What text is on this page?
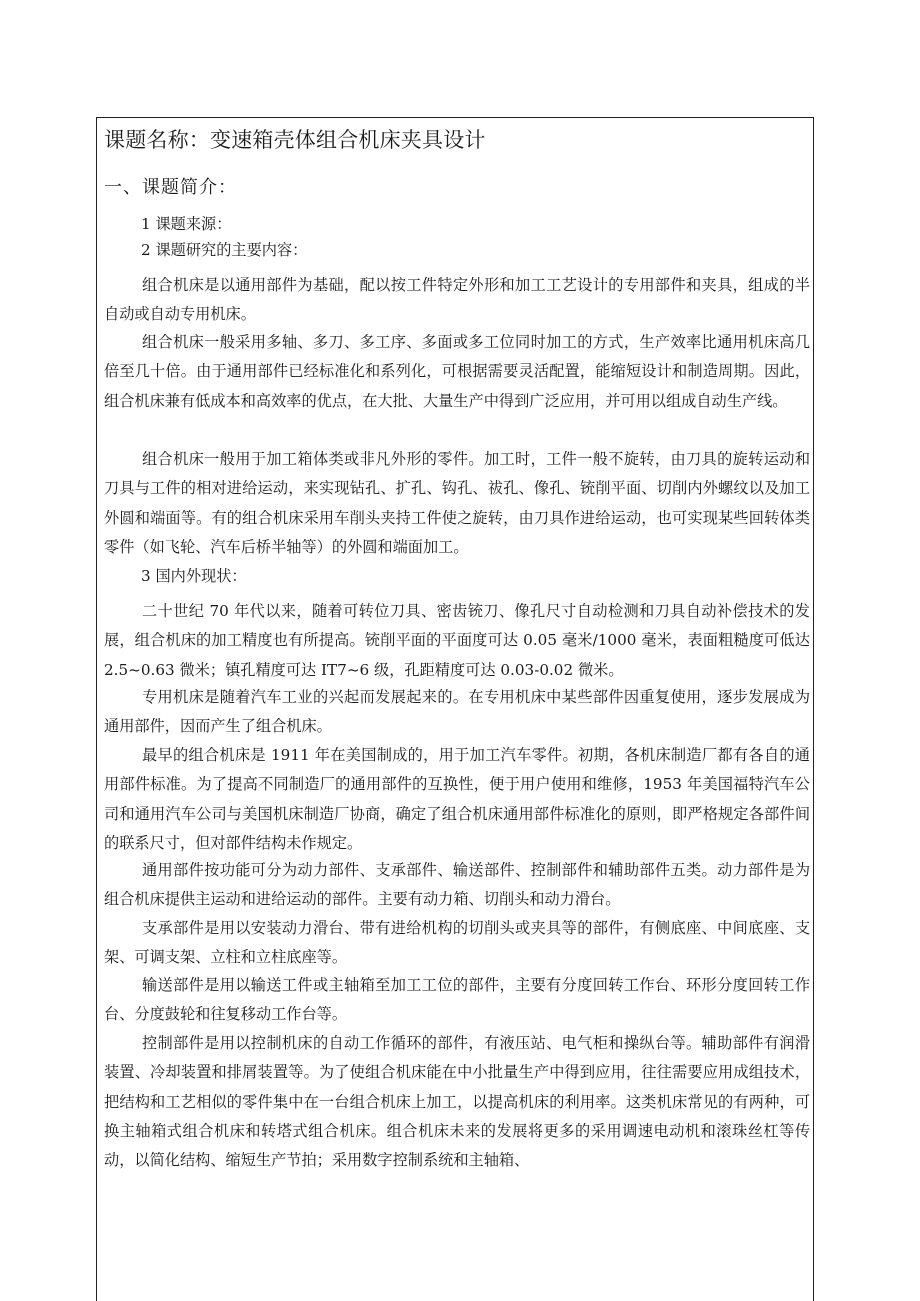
课题名称：变速箱壳体组合机床夹具设计
一、课题简介：
1 课题来源：
2 课题研究的主要内容：

组合机床是以通用部件为基础，配以按工件特定外形和加工工艺设计的专用部件和夹具，组成的半自动或自动专用机床。

组合机床一般采用多轴、多刀、多工序、多面或多工位同时加工的方式，生产效率比通用机床高几倍至几十倍。由于通用部件已经标准化和系列化，可根据需要灵活配置，能缩短设计和制造周期。因此，组合机床兼有低成本和高效率的优点，在大批、大量生产中得到广泛应用，并可用以组成自动生产线。

组合机床一般用于加工箱体类或非凡外形的零件。加工时，工件一般不旋转，由刀具的旋转运动和刀具与工件的相对进给运动，来实现钻孔、扩孔、钩孔、祓孔、像孔、铳削平面、切削内外螺纹以及加工外圆和端面等。有的组合机床采用车削头夹持工件使之旋转，由刀具作进给运动，也可实现某些回转体类零件（如飞轮、汽车后桥半轴等）的外圆和端面加工。

3 国内外现状：

二十世纪 70 年代以来，随着可转位刀具、密齿铳刀、像孔尺寸自动检测和刀具自动补偿技术的发展，组合机床的加工精度也有所提高。铳削平面的平面度可达 0.05 毫米/1000 毫米，表面粗糙度可低达 2.5~0.63 微米；镇孔精度可达 IT7~6 级，孔距精度可达 0.03-0.02 微米。

专用机床是随着汽车工业的兴起而发展起来的。在专用机床中某些部件因重复使用，逐步发展成为通用部件，因而产生了组合机床。

最早的组合机床是 1911 年在美国制成的，用于加工汽车零件。初期，各机床制造厂都有各自的通用部件标准。为了提高不同制造厂的通用部件的互换性，便于用户使用和维修，1953 年美国福特汽车公司和通用汽车公司与美国机床制造厂协商，确定了组合机床通用部件标准化的原则，即严格规定各部件间的联系尺寸，但对部件结构未作规定。

通用部件按功能可分为动力部件、支承部件、输送部件、控制部件和辅助部件五类。动力部件是为组合机床提供主运动和进给运动的部件。主要有动力箱、切削头和动力滑台。

支承部件是用以安装动力滑台、带有进给机构的切削头或夹具等的部件，有侧底座、中间底座、支架、可调支架、立柱和立柱底座等。

输送部件是用以输送工件或主轴箱至加工工位的部件，主要有分度回转工作台、环形分度回转工作台、分度鼓轮和往复移动工作台等。

控制部件是用以控制机床的自动工作循环的部件，有液压站、电气柜和操纵台等。辅助部件有润滑装置、冷却装置和排屑装置等。为了使组合机床能在中小批量生产中得到应用，往往需要应用成组技术，把结构和工艺相似的零件集中在一台组合机床上加工，以提高机床的利用率。这类机床常见的有两种，可换主轴箱式组合机床和转塔式组合机床。组合机床未来的发展将更多的采用调速电动机和滚珠丝杠等传动，以简化结构、缩短生产节拍；采用数字控制系统和主轴箱、
